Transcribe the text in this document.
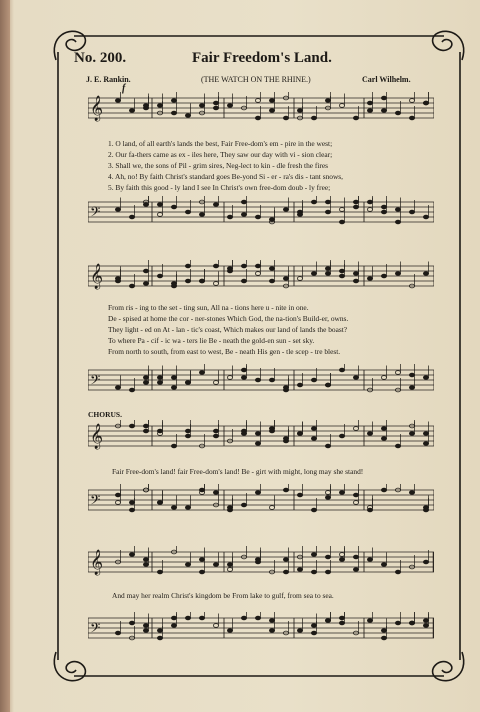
No. 200.	Fair Freedom's Land.
J. E. Rankin.	(THE WATCH ON THE RHINE.)	Carl Wilhelm.
f
𝄞
𝄢
𝄞
𝄢
𝄞
𝄢
𝄞
𝄢
1. O land, of all earth's lands the best, Fair Free-dom's em - pire in the west;
2. Our fa-thers came as ex - iles here, They saw our day with vi - sion clear;
3. Shall we, the sons of Pil - grim sires, Neg-lect to kin - dle fresh the fires
4. Ah, no! By faith Christ's standard goes Be-yond Si - er - ra's dis - tant snows,
5. By faith this good - ly land I see In Christ's own free-dom doub - ly free;
From ris - ing to the set - ting sun, All na - tions here u - nite in one.
De - spised at home the cor - ner-stones Which God, the na-tion's Build-er, owns.
They light - ed on At - lan - tic's coast, Which makes our land of lands the boast?
To where Pa - cif - ic wa - ters lie Be - neath the gold-en sun - set sky.
From north to south, from east to west, Be - neath His gen - tle scep - tre blest.
CHORUS.
Fair Free-dom's land! fair Free-dom's land! Be - girt with might, long may she stand!
And may her realm Christ's kingdom be From lake to gulf, from sea to sea.
